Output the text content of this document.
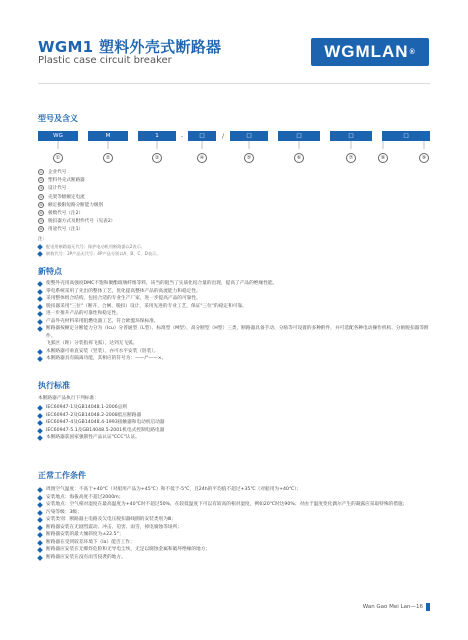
WGM1 塑料外壳式断路器
Plastic case circuit breaker	WGMLAN ®
型号及含义
WG	M	1	-	□	/	□	□	□	□
①	②	③	④	⑤	⑥	⑦	⑧	⑨
①	企业代号
②	塑料外壳式断路器
③	设计代号
④	壳架等级额定电流
⑤	额定极限短路分断能力级别
⑥	极数代号（注2）
⑦	脱扣器方式及附件代号（见表2）
⑧	用途代号（注1）
注:
配电用断路器无代号；保护电动机用断路器以2表示。
极数代号：3P产品无代号；4P产品分别以A、B、C、D表示。
新特点
使整外壳用高强度DMC不饱和聚酯玻璃纤维等料，该当的阻当了实质化结合量的出现，提高了产品的绝缘性能。
零电系统采用了先出的整体工艺，优化提高整体产品的高流能力和稳定性。
采用整体组合结构，包括合适的专业生产厂家，进一步提高产品的可靠性。
脱扣器采用"三位"（断开、合闸、脱扣）设计，采用先进的专业工艺，保证"三位"的稳定和可靠。
进一步推升产品的可靠性和稳定性。
产品外壳材料采用阻燃电器工艺，符合欧盟环保标准。
断路器按额定分断能力分为（Icu）分普通型（L型）、标准型（M型）、高分断型（H型）三类，断路器具备手动、分励等可设置的多种附件，并可选配各种电动操作机构、分励脱扣器等附件。
飞弧区（距）分装指挥飞弧），达到无飞弧。
本断路器可垂直安装（竖装），亦可水平安装（卧装）。
本断路器具有隔离功能，其相应的符号为：——/°——×。
执行标准
本断路器产品执行下列标准：
IEC60947-1及GB14048.1-2006总则
IEC60947-2及GB14048.2-2008低压断路器
IEC60947-4及GB14048.4-1993接触器和电动机启动器
IEC60947-5.1及GB14048.5-2001机电式控制电路电器
本断路器获国家强制性产品认证"CCC"认证。
正常工作条件
周围空气温度：不高于+40℃（对船用产品为+45℃）和不低于-5℃，且24h的平均值不超过+35℃（对船用为+40℃）；
安装地点：海拔高度不超过2000m；
安装地点：空气相对湿度在最高温度为+40℃时不超过50%，在较低温度下可以有较高的相对湿度，例如20℃时达90%；对由于温度变化偶尔产生的凝露应采取特殊的措施；
污染等级：3级；
安装类别：断路器主电路及欠电压脱扣器线圈的安装类别为Ⅲ；
断路器安装在无剧烈震动、冲击、迫害、雨雪，掉电腐蚀等场所；
断路器安装的最大倾斜度为±22.5°；
断路器在受到较差环境下（Ia）能否工作；
断路器应安装在无爆炸危险和无导电尘埃，无足以腐蚀金属和破坏绝缘的地方；
断路器应安装在没有雨雪侵袭的地方。
Wan Gao Mei Lan—16
